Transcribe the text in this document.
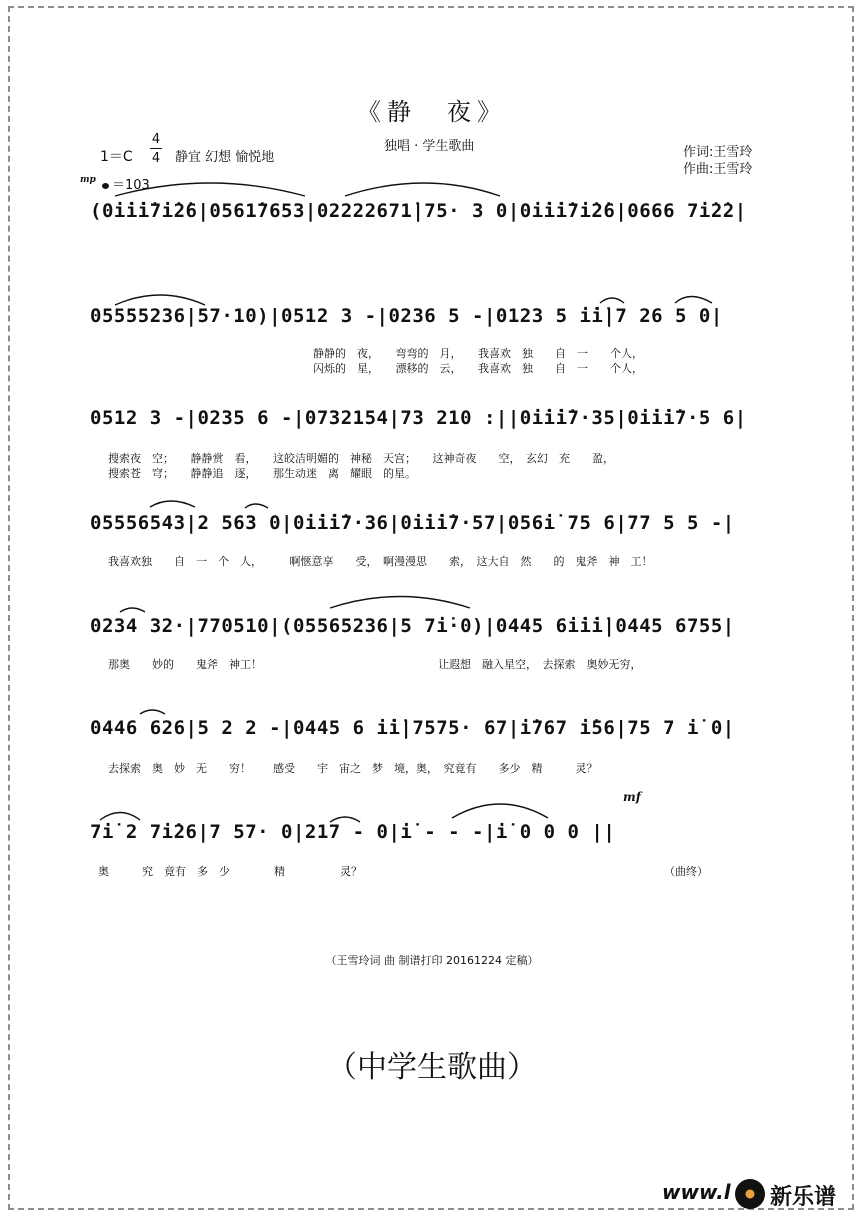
《静　夜》
独唱 · 学生歌曲
$1=C \frac{4}{4}$ 静宜 幻想 愉悦地	作词:王雪玲
作曲:王雪玲
mp	＝103
(0i̇i̇i̇7i̇2̇6|0561̇7653|02222671̇|75· 3 0|0i̇i̇i̇7i̇2̇6|0666 7i̇2̇2|
05555236|57·10)|0512 3 -|0236 5 -|0123 5 i̇i̇|7 26 5 0|
0512 3 -|0235 6 -|0732154|73 210 :||0i̇i̇i̇7·35|0i̇i̇i̇7·5 6|
05556543|2 563 0|0i̇i̇i̇7·36|0i̇i̇i̇7·57|056i̇ 75 6|77 5 5 -|
0234 32·|770510|(05565236|5 7i̇·0)|0445 6i̇i̇i̇|0445 6755|
0446 626|5 2 2 -|0445 6 i̇i̇|7575· 67|i̇767 i̇56|75 7 i̇ 0|
7i̇ 2 7i̇26|7 57· 0|217 - 0|i̇ - - -|i̇ 0 0 0 ||
静静的　夜，　　弯弯的　月，　　我喜欢　独　　自　一　　个人，
闪烁的　星，　　漂移的　云，　　我喜欢　独　　自　一　　个人，
搜索夜　空；　　静静赏　看，　　这皎洁明媚的　神秘　天宫；　　这神奇夜　　空，　玄幻　充　　盈，
搜索苍　穹；　　静静追　逐，　　那生动迷　离　耀眼　的星。
我喜欢独　　自　一　个　人，　　　啊惬意享　　受，　啊漫漫思　　索，　这大自　然　　的　鬼斧　神　工！
那奥　　妙的　　鬼斧　神工！　　　　　　　　　　　　　　　　让遐想　融入星空，　去探索　奥妙无穷，
去探索　奥　妙　无　　穷！　　感受　　宇　宙之　梦　境，奥，　究竟有　　多少　精　　　灵？
奥　　　究　竟有　多　少　　　　精　　　　　灵？	（曲终）
mf
（王雪玲词 曲 制谱打印 20161224 定稿）
（中学生歌曲）
www.l 新乐谱
